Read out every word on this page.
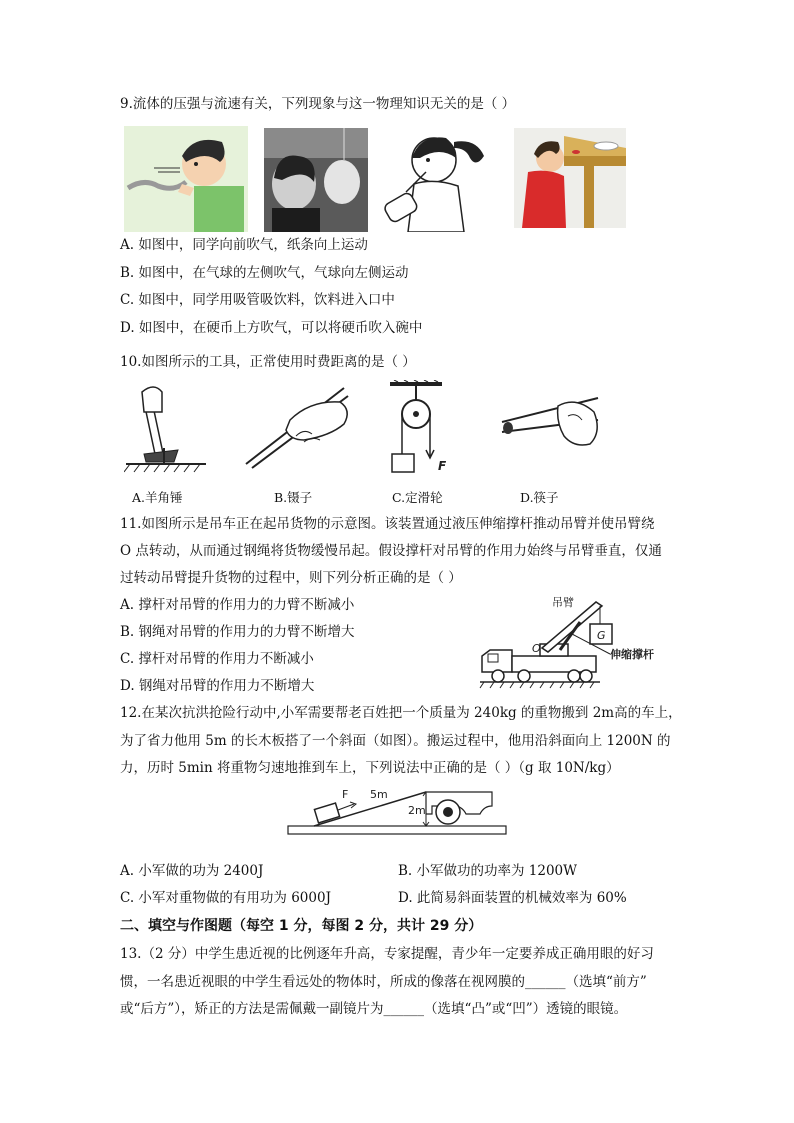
9.流体的压强与流速有关，下列现象与这一物理知识无关的是（ ）
A. 如图中，同学向前吹气，纸条向上运动
B. 如图中，在气球的左侧吹气，气球向左侧运动
C. 如图中，同学用吸管吸饮料，饮料进入口中
D. 如图中，在硬币上方吹气，可以将硬币吹入碗中
10.如图所示的工具，正常使用时费距离的是（ ）
F
A.羊角锤	B.镊子	C.定滑轮	D.筷子
11.如图所示是吊车正在起吊货物的示意图。该装置通过液压伸缩撑杆推动吊臂并使吊臂绕
O 点转动，从而通过钢绳将货物缓慢吊起。假设撑杆对吊臂的作用力始终与吊臂垂直，仅通
过转动吊臂提升货物的过程中，则下列分析正确的是（ ）
A. 撑杆对吊臂的作用力的力臂不断减小
B. 钢绳对吊臂的作用力的力臂不断增大
C. 撑杆对吊臂的作用力不断减小
D. 钢绳对吊臂的作用力不断增大
G
O
吊臂
伸缩撑杆
12.在某次抗洪抢险行动中,小军需要帮老百姓把一个质量为 240kg 的重物搬到 2m高的车上，
为了省力他用 5m 的长木板搭了一个斜面（如图）。搬运过程中，他用沿斜面向上 1200N 的
力，历时 5min 将重物匀速地推到车上，下列说法中正确的是（ ）（g 取 10N/kg）
F 5m
2m
A. 小军做的功为 2400J	B. 小军做功的功率为 1200W
C. 小军对重物做的有用功为 6000J	D. 此简易斜面装置的机械效率为 60%
二、填空与作图题（每空 1 分，每图 2 分，共计 29 分）
13.（2 分）中学生患近视的比例逐年升高，专家提醒，青少年一定要养成正确用眼的好习
惯，一名患近视眼的中学生看远处的物体时，所成的像落在视网膜的______（选填“前方”
或“后方”），矫正的方法是需佩戴一副镜片为______（选填“凸”或“凹”）透镜的眼镜。
